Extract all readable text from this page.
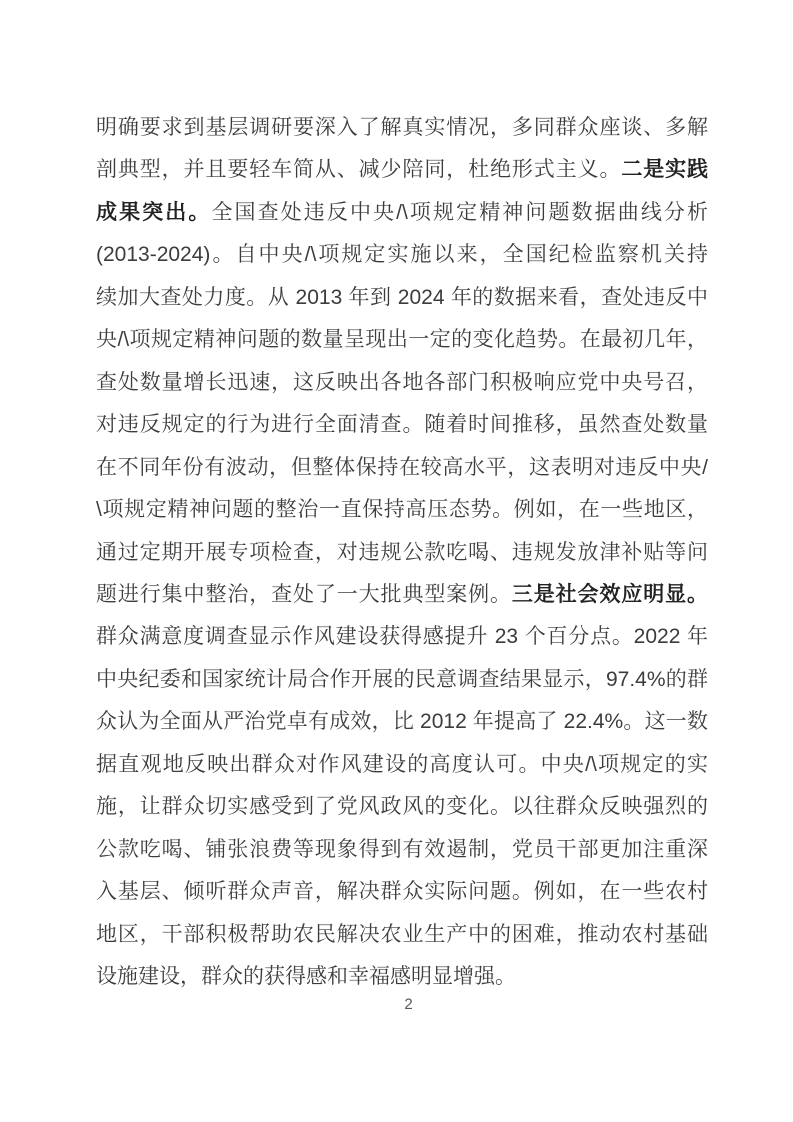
明确要求到基层调研要深入了解真实情况，多同群众座谈、多解
剖典型，并且要轻车简从、减少陪同，杜绝形式主义。二是实践
成果突出。全国查处违反中央/\项规定精神问题数据曲线分析
(2013-2024)。自中央/\项规定实施以来，全国纪检监察机关持
续加大查处力度。从 2013 年到 2024 年的数据来看，查处违反中
央/\项规定精神问题的数量呈现出一定的变化趋势。在最初几年，
查处数量增长迅速，这反映出各地各部门积极响应党中央号召，
对违反规定的行为进行全面清查。随着时间推移，虽然查处数量
在不同年份有波动，但整体保持在较高水平，这表明对违反中央/
\项规定精神问题的整治一直保持高压态势。例如，在一些地区，
通过定期开展专项检查，对违规公款吃喝、违规发放津补贴等问
题进行集中整治，查处了一大批典型案例。三是社会效应明显。
群众满意度调查显示作风建设获得感提升 23 个百分点。2022 年
中央纪委和国家统计局合作开展的民意调查结果显示，97.4%的群
众认为全面从严治党卓有成效，比 2012 年提高了 22.4%。这一数
据直观地反映出群众对作风建设的高度认可。中央/\项规定的实
施，让群众切实感受到了党风政风的变化。以往群众反映强烈的
公款吃喝、铺张浪费等现象得到有效遏制，党员干部更加注重深
入基层、倾听群众声音，解决群众实际问题。例如，在一些农村
地区，干部积极帮助农民解决农业生产中的困难，推动农村基础
设施建设，群众的获得感和幸福感明显增强。
2
